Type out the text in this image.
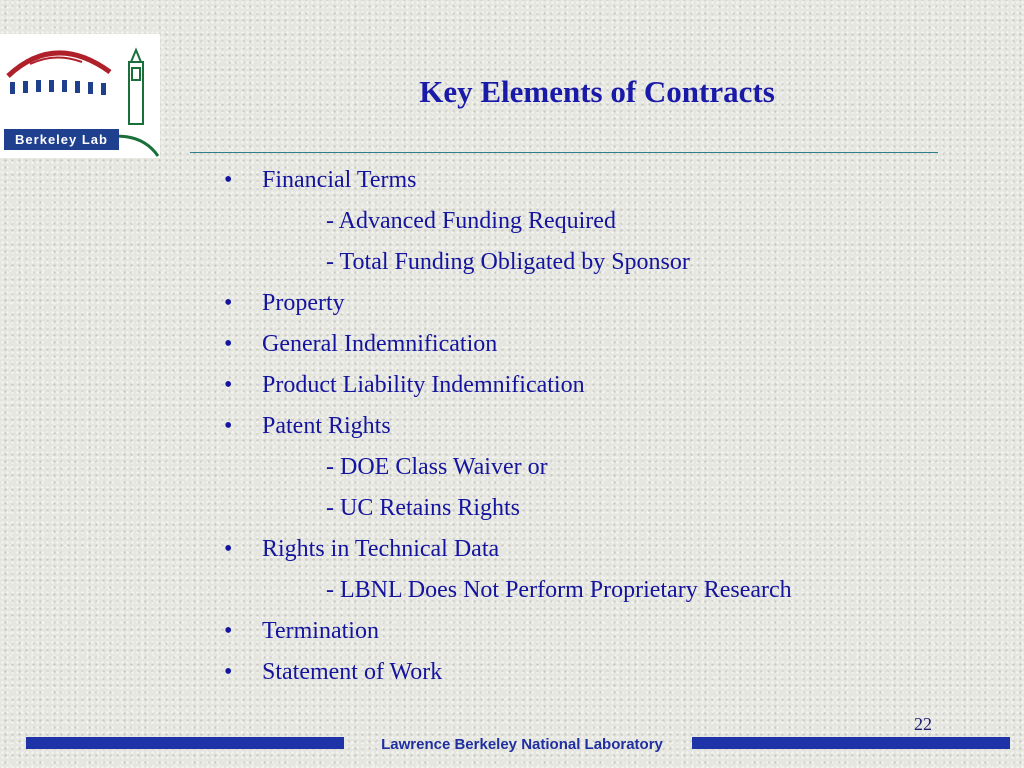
Berkeley Lab
Key Elements of Contracts
•	Financial Terms
- Advanced Funding Required
- Total Funding Obligated by Sponsor
•	Property
•	General Indemnification
•	Product Liability Indemnification
•	Patent Rights
- DOE Class Waiver or
- UC Retains Rights
•	Rights in Technical Data
- LBNL Does Not Perform Proprietary Research
•	Termination
•	Statement of Work
22
Lawrence Berkeley National Laboratory
